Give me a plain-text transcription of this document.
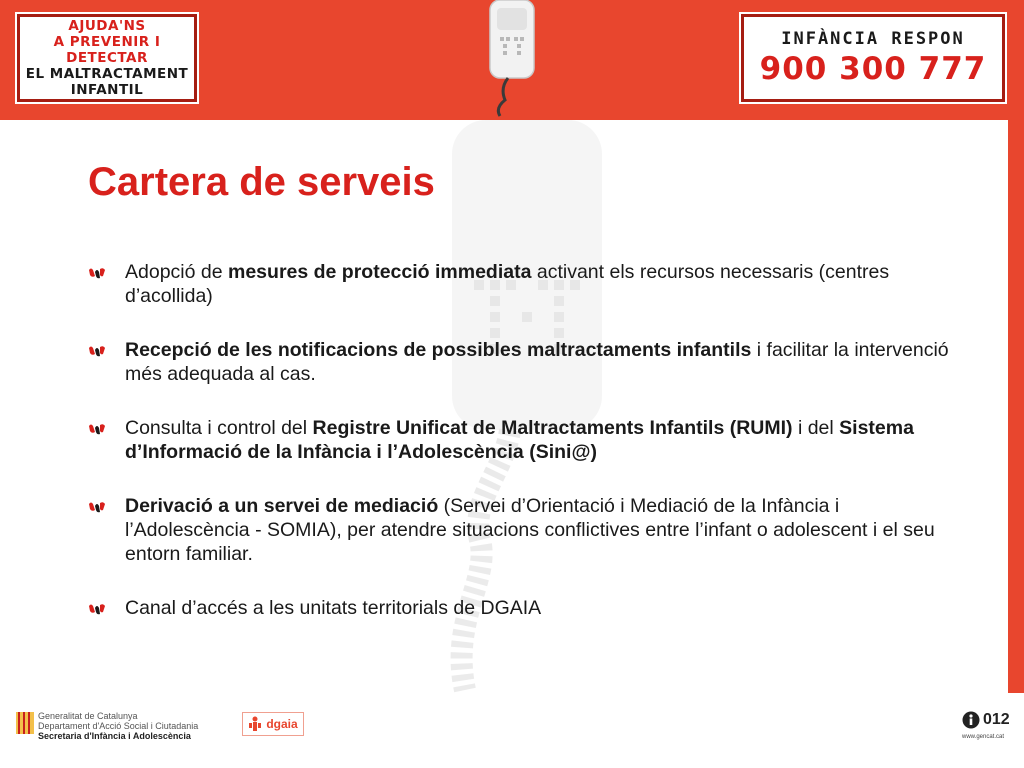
AJUDA'NS
A PREVENIR I DETECTAR
EL MALTRACTAMENT
INFANTIL
INFÀNCIA RESPON
900 300 777
Cartera de serveis
Adopció de mesures de protecció immediata activant els recursos necessaris (centres d’acollida)
Recepció de les notificacions de possibles maltractaments infantils i facilitar la intervenció més adequada al cas.
Consulta i control del Registre Unificat de Maltractaments Infantils (RUMI) i del Sistema d’Informació de la Infància i l’Adolescència (Sini@)
Derivació a un servei de mediació (Servei d’Orientació i Mediació de la Infància i l’Adolescència - SOMIA), per atendre situacions conflictives entre l’infant o adolescent i el seu entorn familiar.
Canal d’accés a les unitats territorials de DGAIA
Generalitat de Catalunya
Departament d'Acció Social i Ciutadania
Secretaria d'Infància i Adolescència
dgaia	012
www.gencat.cat
